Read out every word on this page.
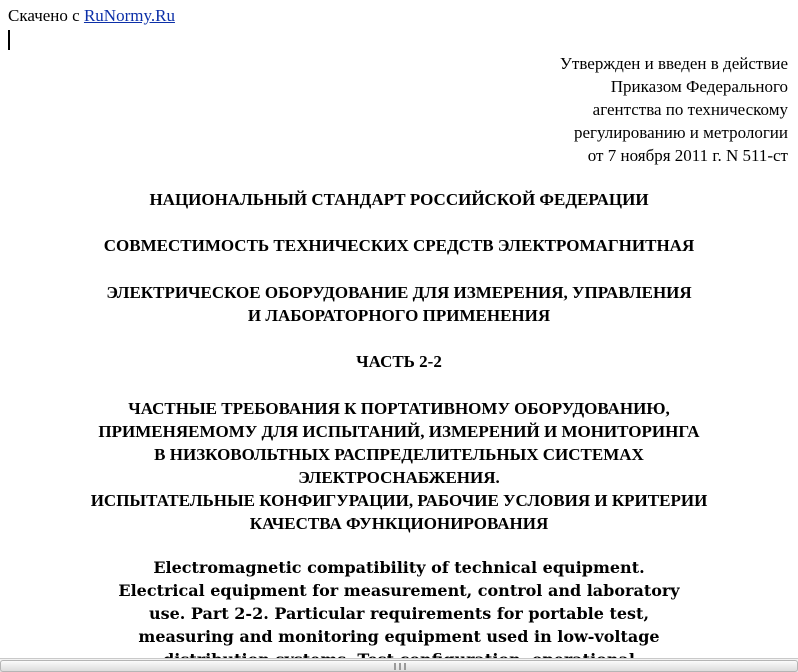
Скачено с RuNormy.Ru
Утвержден и введен в действие
Приказом Федерального
агентства по техническому
регулированию и метрологии
от 7 ноября 2011 г. N 511-ст
НАЦИОНАЛЬНЫЙ СТАНДАРТ РОССИЙСКОЙ ФЕДЕРАЦИИ
СОВМЕСТИМОСТЬ ТЕХНИЧЕСКИХ СРЕДСТВ ЭЛЕКТРОМАГНИТНАЯ
ЭЛЕКТРИЧЕСКОЕ ОБОРУДОВАНИЕ ДЛЯ ИЗМЕРЕНИЯ, УПРАВЛЕНИЯ
И ЛАБОРАТОРНОГО ПРИМЕНЕНИЯ
ЧАСТЬ 2-2
ЧАСТНЫЕ ТРЕБОВАНИЯ К ПОРТАТИВНОМУ ОБОРУДОВАНИЮ,
ПРИМЕНЯЕМОМУ ДЛЯ ИСПЫТАНИЙ, ИЗМЕРЕНИЙ И МОНИТОРИНГА
В НИЗКОВОЛЬТНЫХ РАСПРЕДЕЛИТЕЛЬНЫХ СИСТЕМАХ
ЭЛЕКТРОСНАБЖЕНИЯ.
ИСПЫТАТЕЛЬНЫЕ КОНФИГУРАЦИИ, РАБОЧИЕ УСЛОВИЯ И КРИТЕРИИ
КАЧЕСТВА ФУНКЦИОНИРОВАНИЯ
Electromagnetic compatibility of technical equipment.
Electrical equipment for measurement, control and laboratory
use. Part 2-2. Particular requirements for portable test,
measuring and monitoring equipment used in low-voltage
